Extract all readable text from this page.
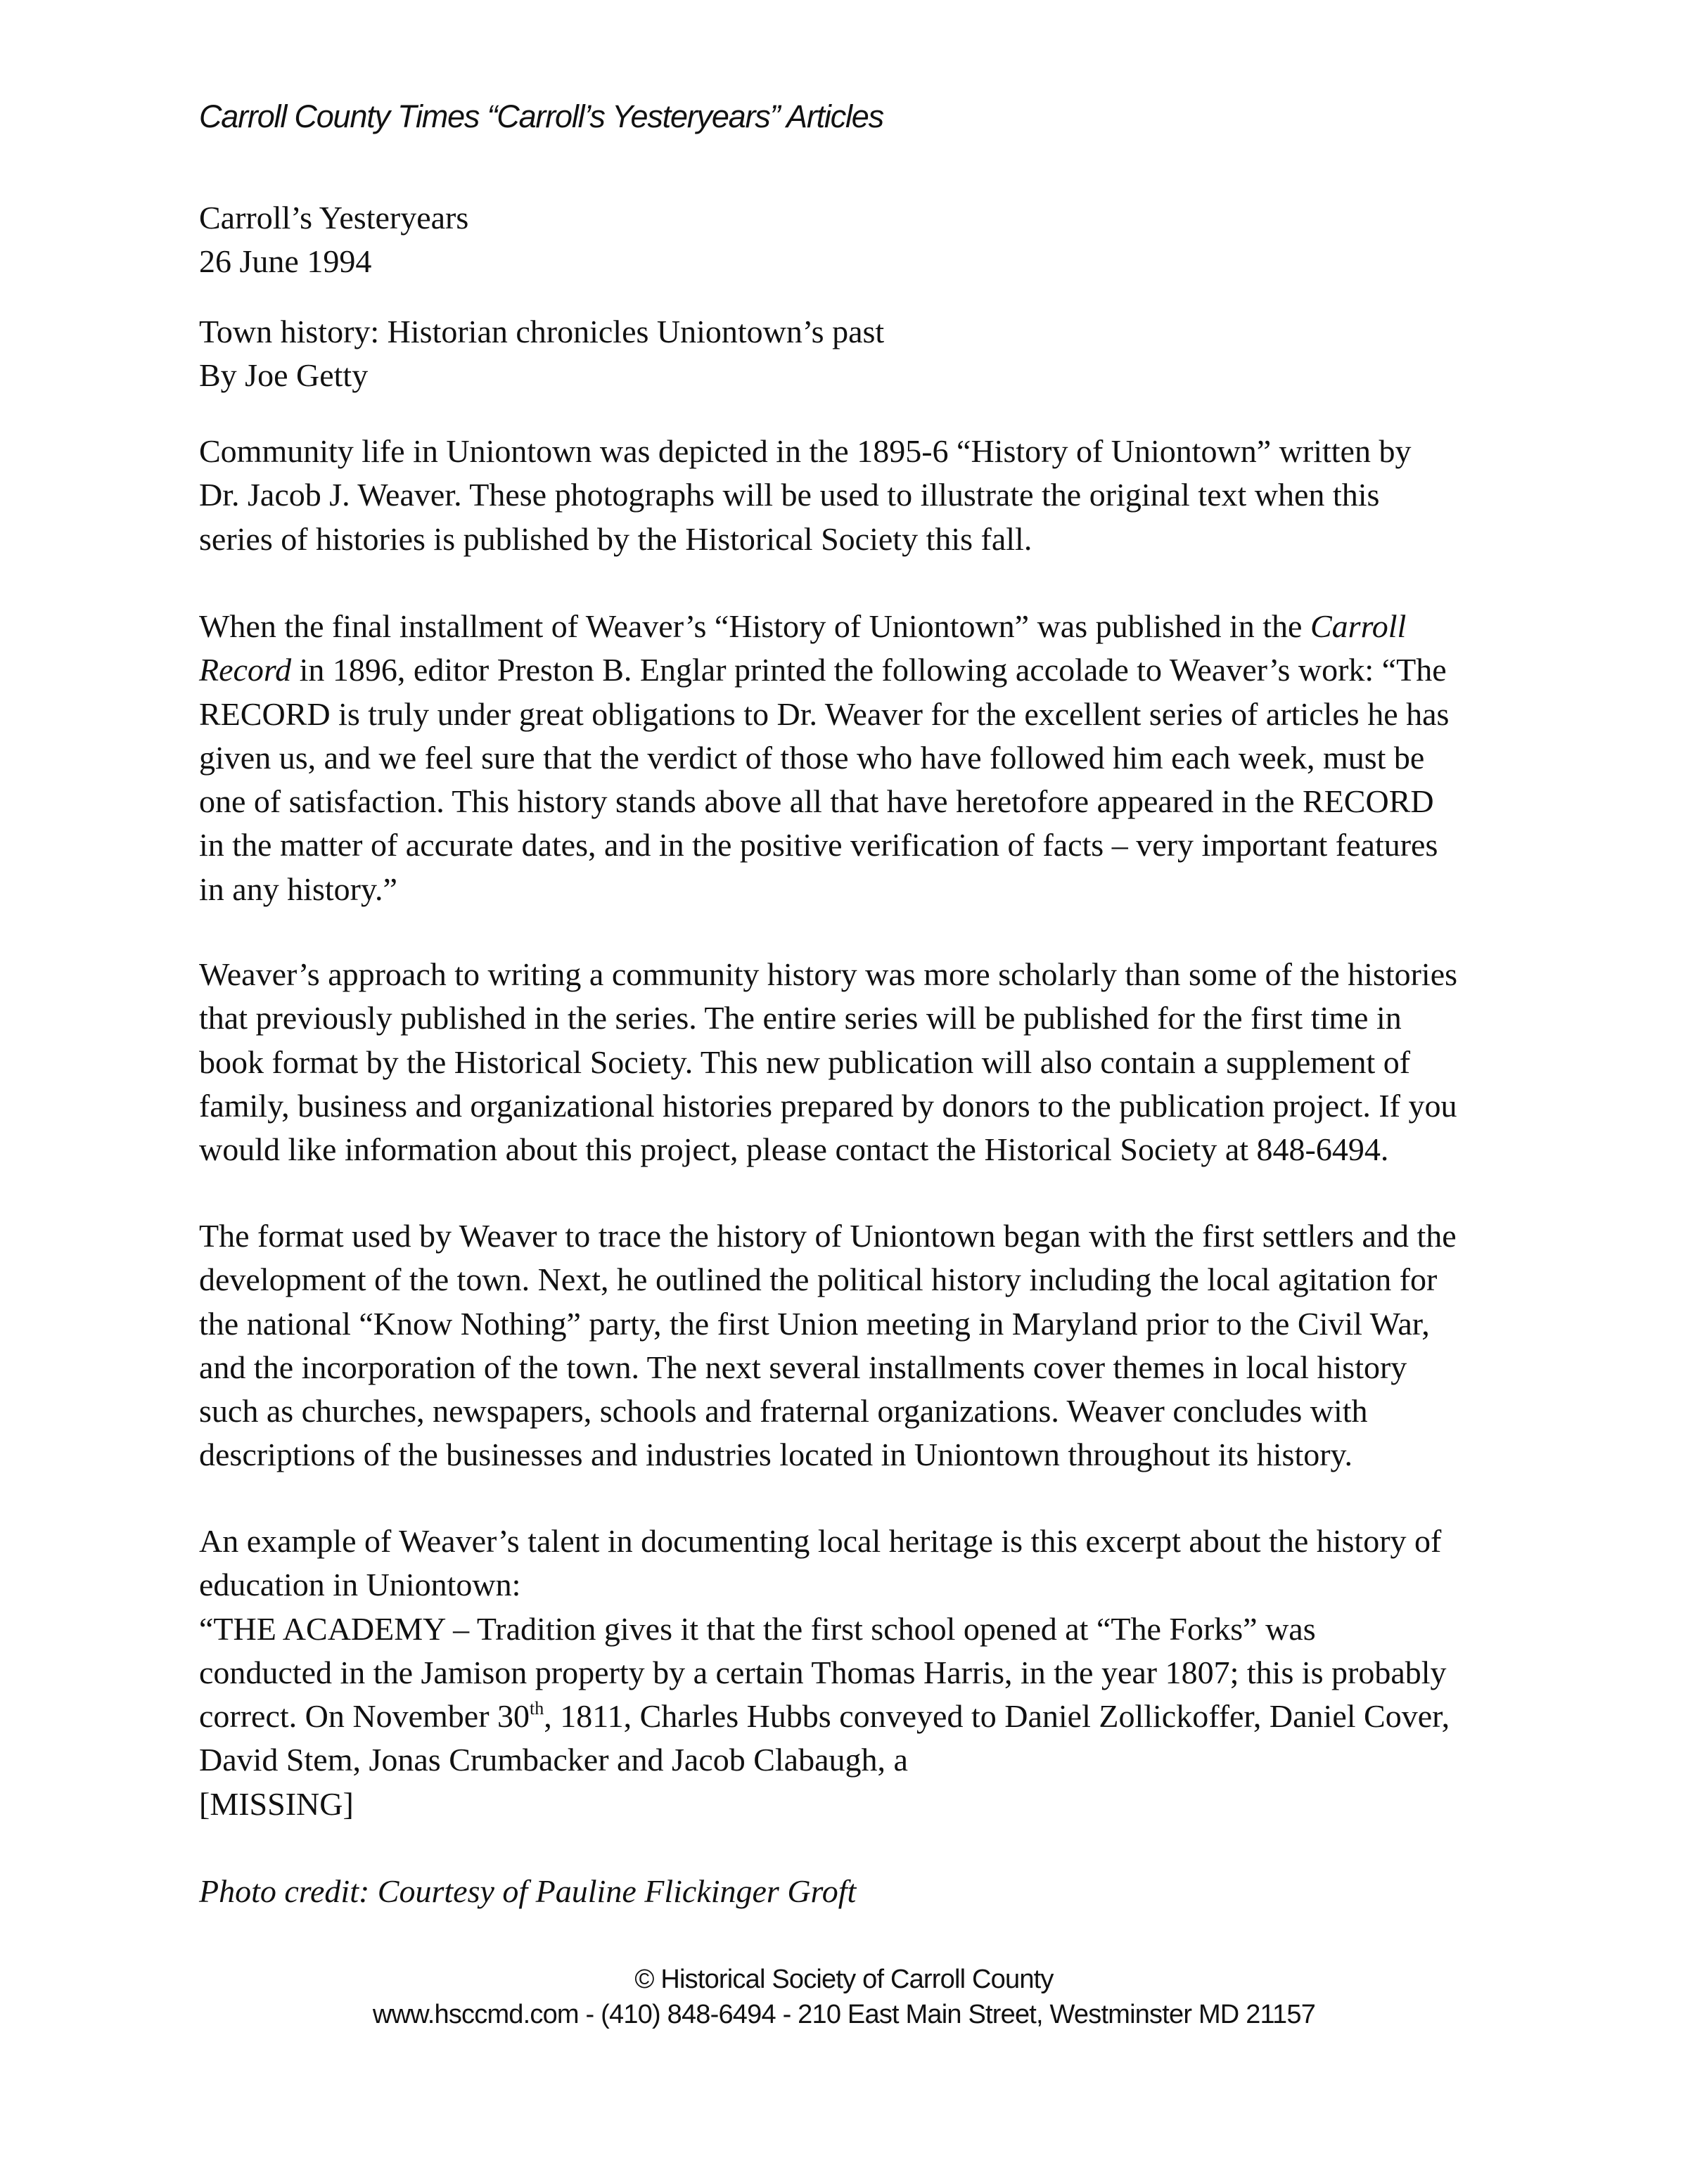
Carroll County Times “Carroll’s Yesteryears” Articles
Carroll’s Yesteryears
26 June 1994
Town history: Historian chronicles Uniontown’s past
By Joe Getty
Community life in Uniontown was depicted in the 1895-6 “History of Uniontown” written by
Dr. Jacob J. Weaver. These photographs will be used to illustrate the original text when this
series of histories is published by the Historical Society this fall.
When the final installment of Weaver’s “History of Uniontown” was published in the Carroll
Record in 1896, editor Preston B. Englar printed the following accolade to Weaver’s work: “The
RECORD is truly under great obligations to Dr. Weaver for the excellent series of articles he has
given us, and we feel sure that the verdict of those who have followed him each week, must be
one of satisfaction. This history stands above all that have heretofore appeared in the RECORD
in the matter of accurate dates, and in the positive verification of facts – very important features
in any history.”
Weaver’s approach to writing a community history was more scholarly than some of the histories
that previously published in the series. The entire series will be published for the first time in
book format by the Historical Society. This new publication will also contain a supplement of
family, business and organizational histories prepared by donors to the publication project. If you
would like information about this project, please contact the Historical Society at 848-6494.
The format used by Weaver to trace the history of Uniontown began with the first settlers and the
development of the town. Next, he outlined the political history including the local agitation for
the national “Know Nothing” party, the first Union meeting in Maryland prior to the Civil War,
and the incorporation of the town. The next several installments cover themes in local history
such as churches, newspapers, schools and fraternal organizations. Weaver concludes with
descriptions of the businesses and industries located in Uniontown throughout its history.
An example of Weaver’s talent in documenting local heritage is this excerpt about the history of
education in Uniontown:
“THE ACADEMY – Tradition gives it that the first school opened at “The Forks” was
conducted in the Jamison property by a certain Thomas Harris, in the year 1807; this is probably
correct. On November 30th, 1811, Charles Hubbs conveyed to Daniel Zollickoffer, Daniel Cover,
David Stem, Jonas Crumbacker and Jacob Clabaugh, a
[MISSING]
Photo credit: Courtesy of Pauline Flickinger Groft
© Historical Society of Carroll County
www.hsccmd.com - (410) 848-6494 - 210 East Main Street, Westminster MD 21157
